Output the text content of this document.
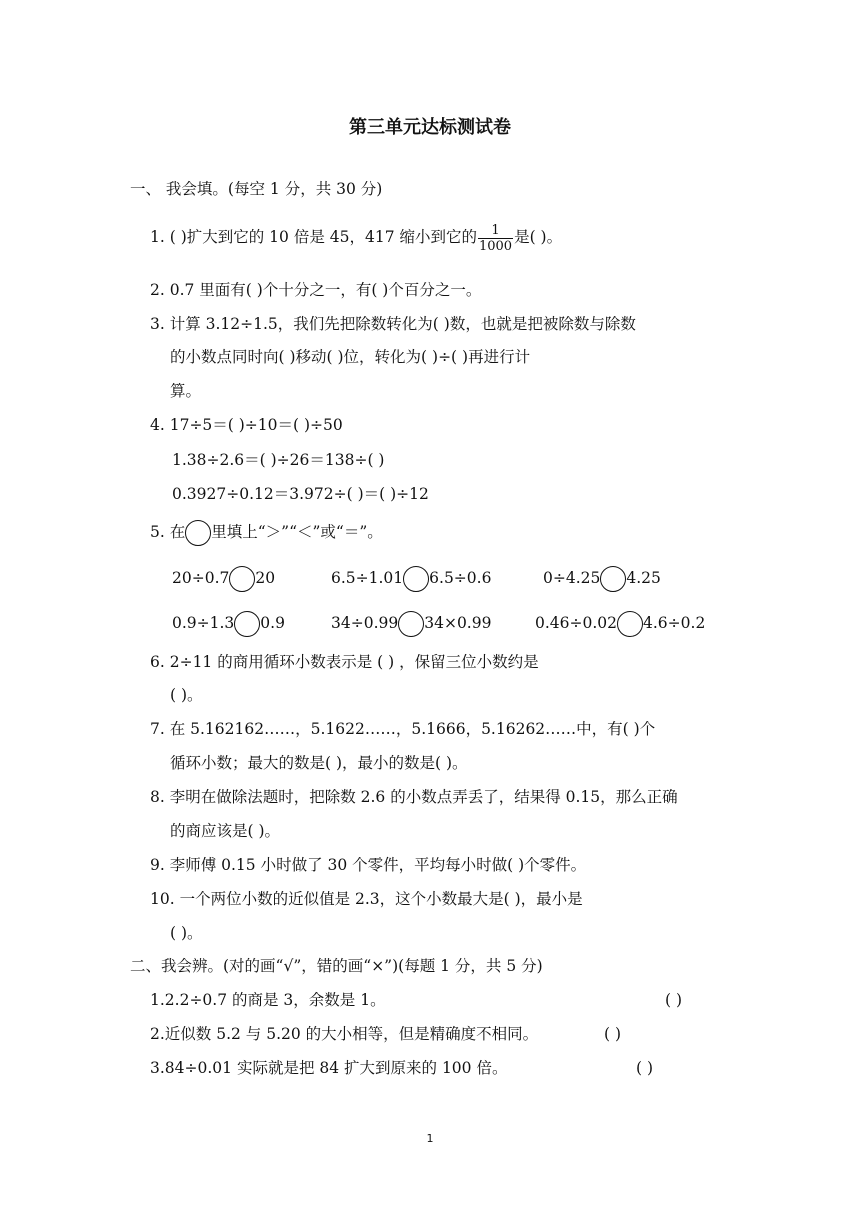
第三单元达标测试卷
一、 我会填。(每空 1 分，共 30 分)
1. ( )扩大到它的 10 倍是 45，417 缩小到它的 $\frac{1}{1000}$ 是( )。
2. 0.7 里面有( )个十分之一，有( )个百分之一。
3. 计算 3.12÷1.5，我们先把除数转化为( )数，也就是把被除数与除数
的小数点同时向( )移动( )位，转化为( )÷( )再进行计
算。
4. 17÷5＝( )÷10＝( )÷50
1.38÷2.6＝( )÷26＝138÷( )
0.3927÷0.12＝3.972÷( )＝( )÷12
5. 在 里填上“＞”“＜”或“＝”。
20÷0.7 20	6.5÷1.01 6.5÷0.6	0÷4.25 4.25
0.9÷1.3 0.9	34÷0.99 34×0.99	0.46÷0.02 4.6÷0.2
6. 2÷11 的商用循环小数表示是 ( ) ，保留三位小数约是
( )。
7. 在 5.162162……，5.1622……，5.1666，5.16262……中，有( )个
循环小数；最大的数是( )，最小的数是( )。
8. 李明在做除法题时，把除数 2.6 的小数点弄丢了，结果得 0.15，那么正确
的商应该是( )。
9. 李师傅 0.15 小时做了 30 个零件，平均每小时做( )个零件。
10. 一个两位小数的近似值是 2.3，这个小数最大是( )，最小是
( )。
二、我会辨。(对的画“√”，错的画“×”)(每题 1 分，共 5 分)
1.2.2÷0.7 的商是 3，余数是 1。	( )
2.近似数 5.2 与 5.20 的大小相等，但是精确度不相同。	( )
3.84÷0.01 实际就是把 84 扩大到原来的 100 倍。	( )
1
